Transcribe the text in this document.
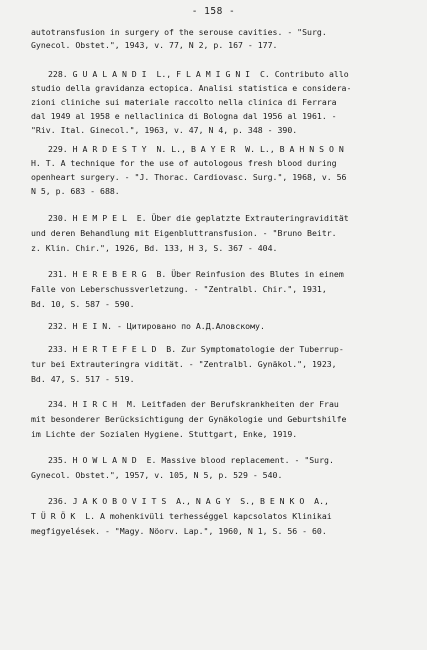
- 158 -
autotransfusion in surgery of the serouse cavities. - "Surg.
Gynecol. Obstet.", 1943, v. 77, N 2, p. 167 - 177.
228. G U A L A N D I  L., F L A M I G N I  C. Contributo allo
studio della gravidanza ectopica. Analisi statistica e considera-
zioni cliniche sui materiale raccolto nella clinica di Ferrara
dal 1949 al 1958 e nellaclinica di Bologna dal 1956 al 1961. -
"Riv. Ital. Ginecol.", 1963, v. 47, N 4, p. 348 - 390.
229. H A R D E S T Y  N. L., B A Y E R  W. L., B A H N S O N
H. T. A technique for the use of autologous fresh blood during
openheart surgery. - "J. Thorac. Cardiovasc. Surg.", 1968, v. 56
N 5, p. 683 - 688.
230. H E M P E L  E. Über die geplatzte Extrauteringravidität
und deren Behandlung mit Eigenbluttransfusion. - "Bruno Beitr.
z. Klin. Chir.", 1926, Bd. 133, H 3, S. 367 - 404.
231. H E R E B E R G  B. Über Reinfusion des Blutes in einem
Falle von Leberschussverletzung. - "Zentralbl. Chir.", 1931,
Bd. 10, S. 587 - 590.
232. H E I N. - Цитировано по А.Д.Аловскому.
233. H E R T E F E L D  B. Zur Symptomatologie der Tuberrup-
tur bei Extrauteringra vidität. - "Zentralbl. Gynäkol.", 1923,
Bd. 47, S. 517 - 519.
234. H I R C H  M. Leitfaden der Berufskrankheiten der Frau
mit besonderer Berücksichtigung der Gynäkologie und Geburtshilfe
im Lichte der Sozialen Hygiene. Stuttgart, Enke, 1919.
235. H O W L A N D  E. Massive blood replacement. - "Surg.
Gynecol. Obstet.", 1957, v. 105, N 5, p. 529 - 540.
236. J A K O B O V I T S  A., N A G Y  S., B E N K O  A.,
T Ü R Ö K  L. A mohenkivüli terhességgel kapcsolatos Klinikai
megfigyelések. - "Magy. Nöorv. Lap.", 1960, N 1, S. 56 - 60.
